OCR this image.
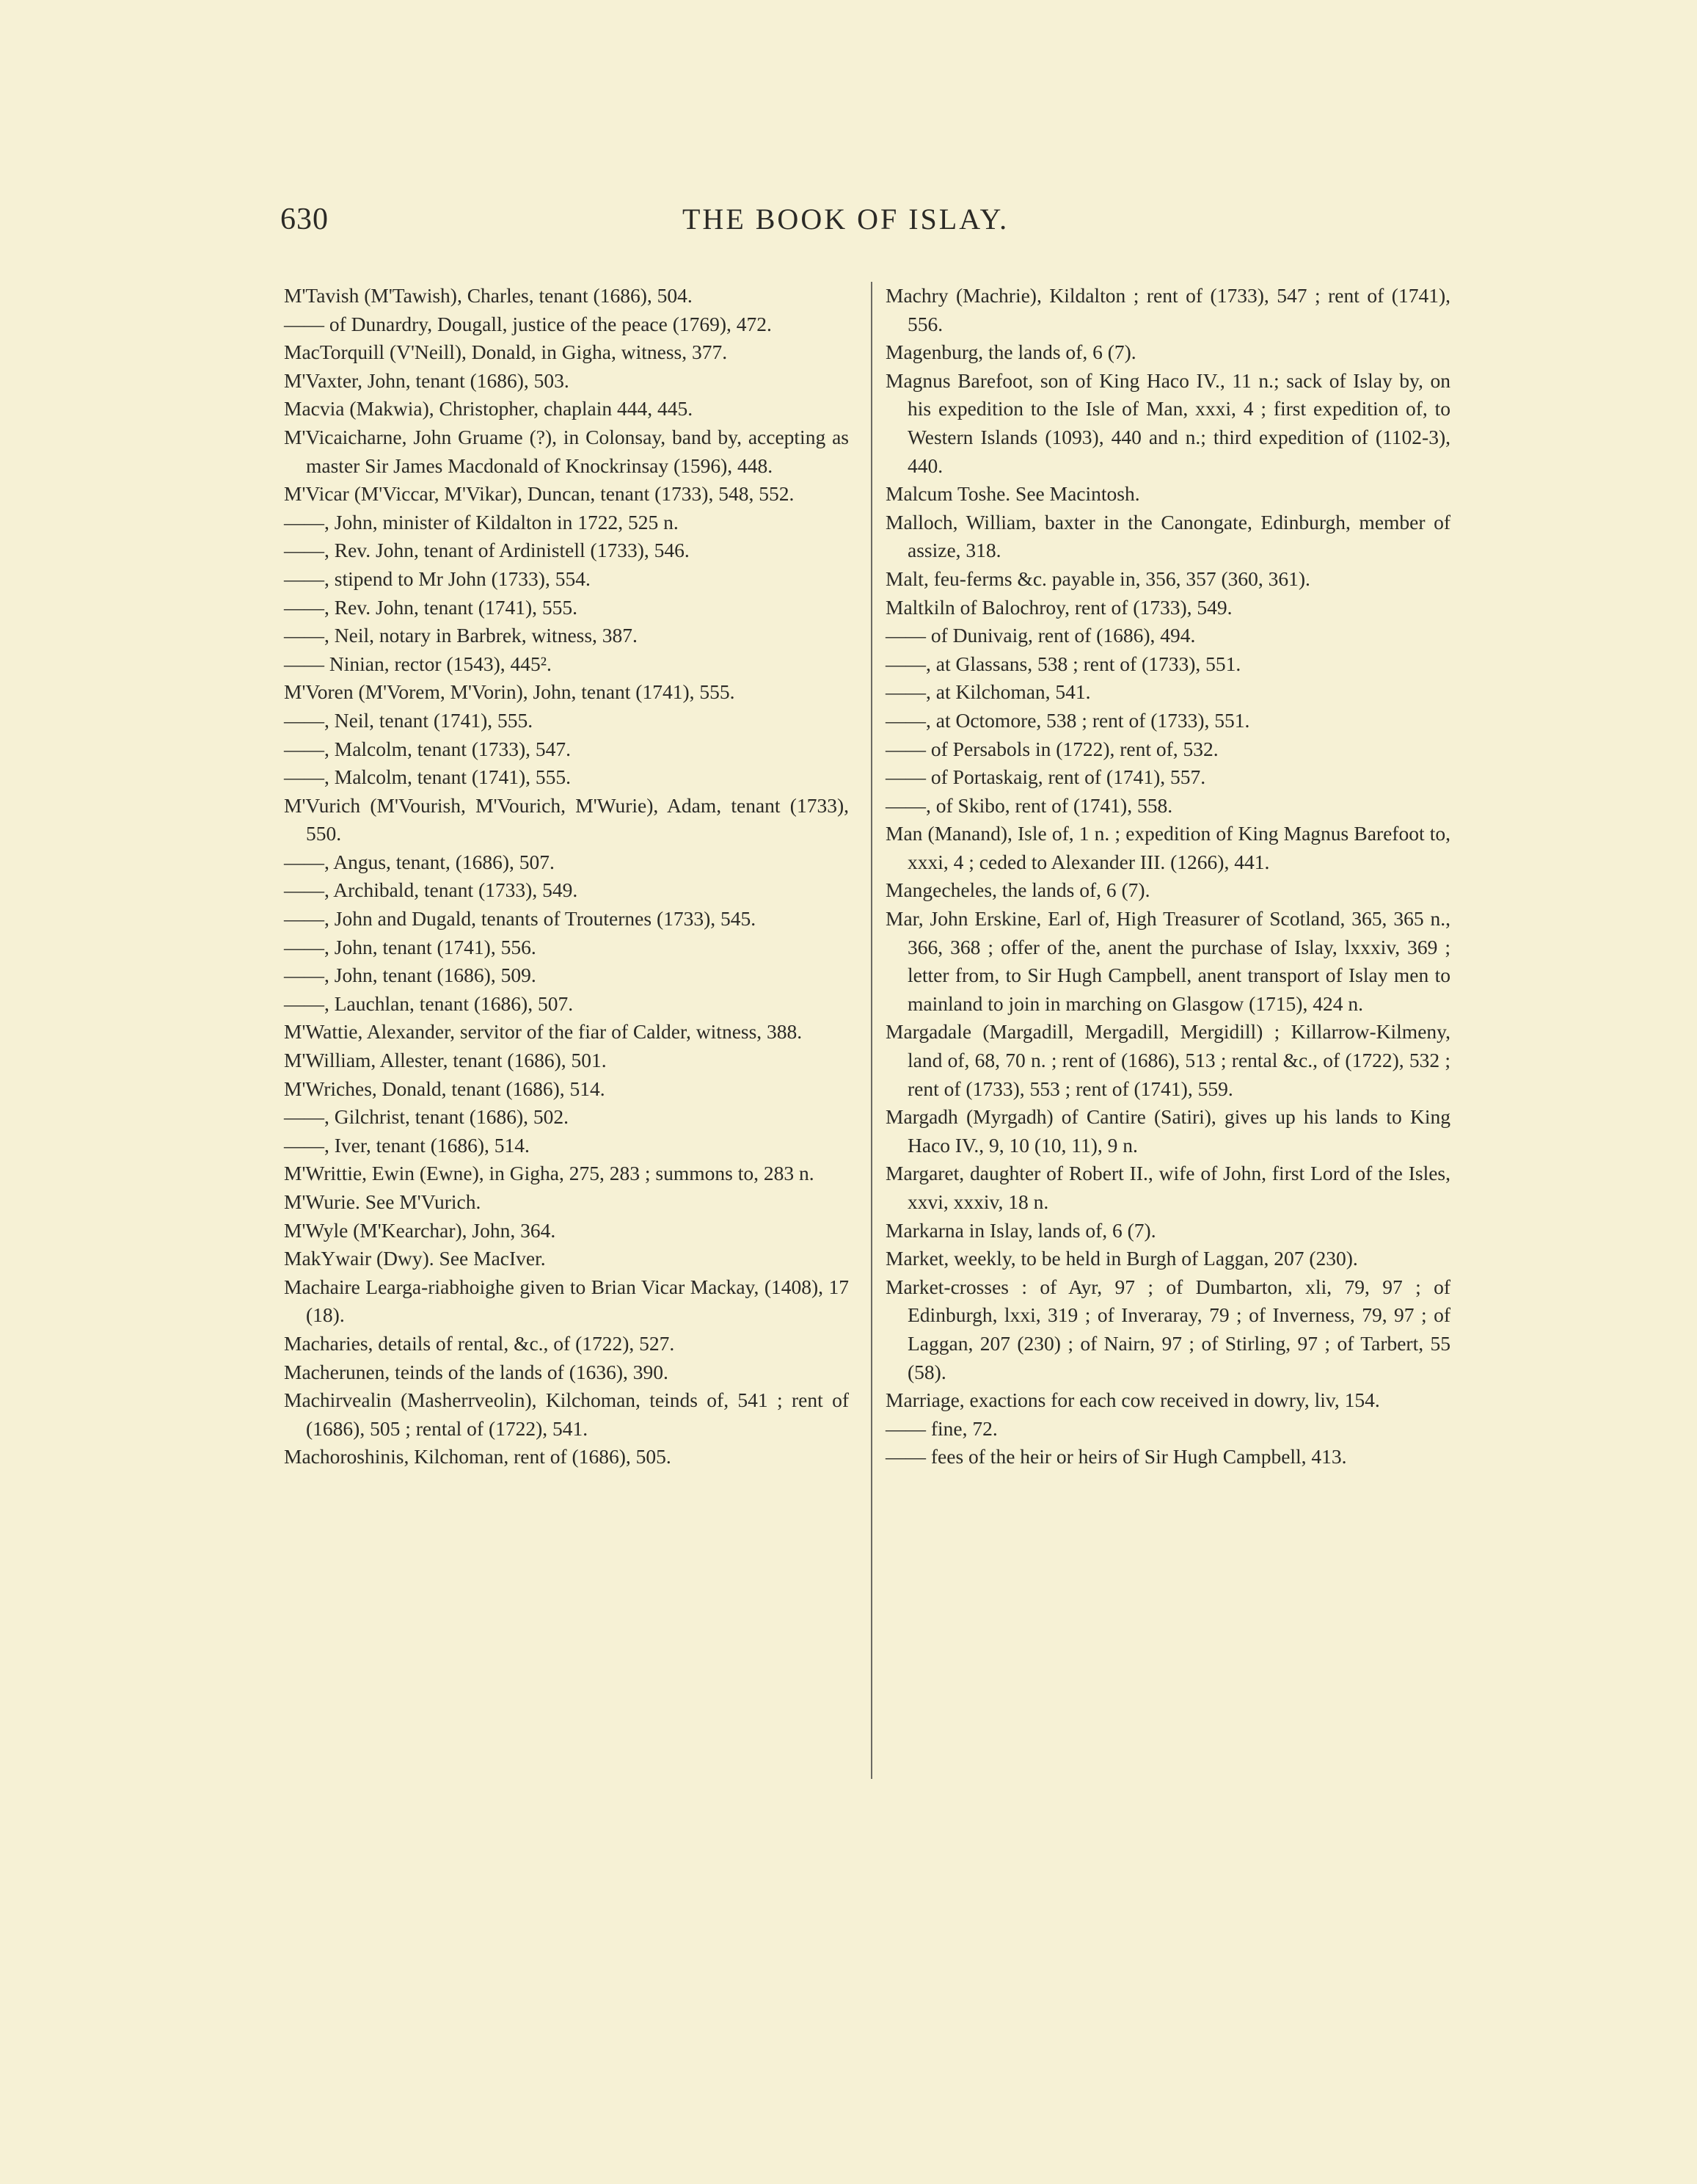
630	THE BOOK OF ISLAY.

M'Tavish (M'Tawish), Charles, tenant (1686), 504.

—— of Dunardry, Dougall, justice of the peace (1769), 472.

MacTorquill (V'Neill), Donald, in Gigha, witness, 377.

M'Vaxter, John, tenant (1686), 503.

Macvia (Makwia), Christopher, chaplain 444, 445.

M'Vicaicharne, John Gruame (?), in Colonsay, band by, accepting as master Sir James Macdonald of Knockrinsay (1596), 448.

M'Vicar (M'Viccar, M'Vikar), Duncan, tenant (1733), 548, 552.

——, John, minister of Kildalton in 1722, 525 n.

——, Rev. John, tenant of Ardinistell (1733), 546.

——, stipend to Mr John (1733), 554.

——, Rev. John, tenant (1741), 555.

——, Neil, notary in Barbrek, witness, 387.

—— Ninian, rector (1543), 445².

M'Voren (M'Vorem, M'Vorin), John, tenant (1741), 555.

——, Neil, tenant (1741), 555.

——, Malcolm, tenant (1733), 547.

——, Malcolm, tenant (1741), 555.

M'Vurich (M'Vourish, M'Vourich, M'Wurie), Adam, tenant (1733), 550.

——, Angus, tenant, (1686), 507.

——, Archibald, tenant (1733), 549.

——, John and Dugald, tenants of Trouternes (1733), 545.

——, John, tenant (1741), 556.

——, John, tenant (1686), 509.

——, Lauchlan, tenant (1686), 507.

M'Wattie, Alexander, servitor of the fiar of Calder, witness, 388.

M'William, Allester, tenant (1686), 501.

M'Wriches, Donald, tenant (1686), 514.

——, Gilchrist, tenant (1686), 502.

——, Iver, tenant (1686), 514.

M'Writtie, Ewin (Ewne), in Gigha, 275, 283 ; summons to, 283 n.

M'Wurie. See M'Vurich.

M'Wyle (M'Kearchar), John, 364.

MakYwair (Dwy). See MacIver.

Machaire Learga-riabhoighe given to Brian Vicar Mackay, (1408), 17 (18).

Macharies, details of rental, &c., of (1722), 527.

Macherunen, teinds of the lands of (1636), 390.

Machirvealin (Masherrveolin), Kilchoman, teinds of, 541 ; rent of (1686), 505 ; rental of (1722), 541.

Machoroshinis, Kilchoman, rent of (1686), 505.

Machry (Machrie), Kildalton ; rent of (1733), 547 ; rent of (1741), 556.

Magenburg, the lands of, 6 (7).

Magnus Barefoot, son of King Haco IV., 11 n.; sack of Islay by, on his expedition to the Isle of Man, xxxi, 4 ; first expedition of, to Western Islands (1093), 440 and n.; third expedition of (1102-3), 440.

Malcum Toshe. See Macintosh.

Malloch, William, baxter in the Canongate, Edinburgh, member of assize, 318.

Malt, feu-ferms &c. payable in, 356, 357 (360, 361).

Maltkiln of Balochroy, rent of (1733), 549.

—— of Dunivaig, rent of (1686), 494.

——, at Glassans, 538 ; rent of (1733), 551.

——, at Kilchoman, 541.

——, at Octomore, 538 ; rent of (1733), 551.

—— of Persabols in (1722), rent of, 532.

—— of Portaskaig, rent of (1741), 557.

——, of Skibo, rent of (1741), 558.

Man (Manand), Isle of, 1 n. ; expedition of King Magnus Barefoot to, xxxi, 4 ; ceded to Alexander III. (1266), 441.

Mangecheles, the lands of, 6 (7).

Mar, John Erskine, Earl of, High Treasurer of Scotland, 365, 365 n., 366, 368 ; offer of the, anent the purchase of Islay, lxxxiv, 369 ; letter from, to Sir Hugh Campbell, anent transport of Islay men to mainland to join in marching on Glasgow (1715), 424 n.

Margadale (Margadill, Mergadill, Mergidill) ; Killarrow-Kilmeny, land of, 68, 70 n. ; rent of (1686), 513 ; rental &c., of (1722), 532 ; rent of (1733), 553 ; rent of (1741), 559.

Margadh (Myrgadh) of Cantire (Satiri), gives up his lands to King Haco IV., 9, 10 (10, 11), 9 n.

Margaret, daughter of Robert II., wife of John, first Lord of the Isles, xxvi, xxxiv, 18 n.

Markarna in Islay, lands of, 6 (7).

Market, weekly, to be held in Burgh of Laggan, 207 (230).

Market-crosses : of Ayr, 97 ; of Dumbarton, xli, 79, 97 ; of Edinburgh, lxxi, 319 ; of Inveraray, 79 ; of Inverness, 79, 97 ; of Laggan, 207 (230) ; of Nairn, 97 ; of Stirling, 97 ; of Tarbert, 55 (58).

Marriage, exactions for each cow received in dowry, liv, 154.

—— fine, 72.

—— fees of the heir or heirs of Sir Hugh Campbell, 413.
